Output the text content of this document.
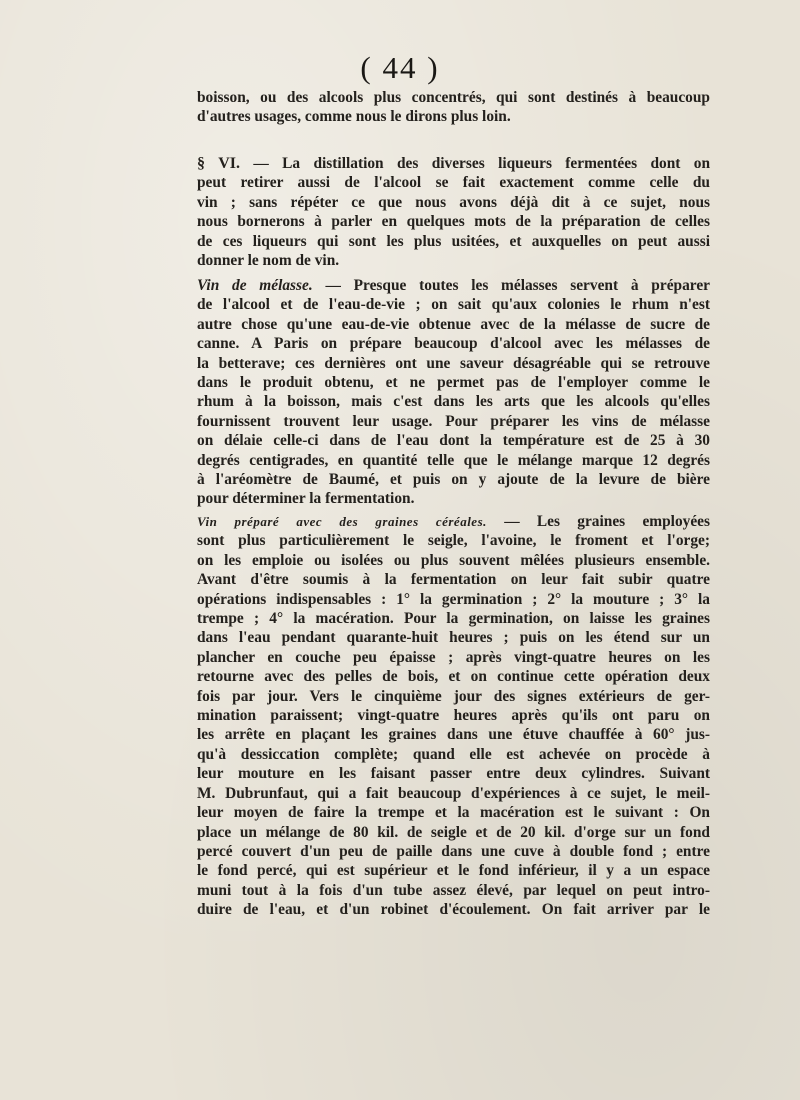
( 44 )
boisson, ou des alcools plus concentrés, qui sont destinés à beaucoup
d'autres usages, comme nous le dirons plus loin.
§ VI. — La distillation des diverses liqueurs fermentées dont on
peut retirer aussi de l'alcool se fait exactement comme celle du
vin ; sans répéter ce que nous avons déjà dit à ce sujet, nous
nous bornerons à parler en quelques mots de la préparation de celles
de ces liqueurs qui sont les plus usitées, et auxquelles on peut aussi
donner le nom de vin.
Vin de mélasse. — Presque toutes les mélasses servent à préparer
de l'alcool et de l'eau-de-vie ; on sait qu'aux colonies le rhum n'est
autre chose qu'une eau-de-vie obtenue avec de la mélasse de sucre de
canne. A Paris on prépare beaucoup d'alcool avec les mélasses de
la betterave; ces dernières ont une saveur désagréable qui se retrouve
dans le produit obtenu, et ne permet pas de l'employer comme le
rhum à la boisson, mais c'est dans les arts que les alcools qu'elles
fournissent trouvent leur usage. Pour préparer les vins de mélasse
on délaie celle-ci dans de l'eau dont la température est de 25 à 30
degrés centigrades, en quantité telle que le mélange marque 12 degrés
à l'aréomètre de Baumé, et puis on y ajoute de la levure de bière
pour déterminer la fermentation.
Vin préparé avec des graines céréales. — Les graines employées
sont plus particulièrement le seigle, l'avoine, le froment et l'orge;
on les emploie ou isolées ou plus souvent mêlées plusieurs ensemble.
Avant d'être soumis à la fermentation on leur fait subir quatre
opérations indispensables : 1° la germination ; 2° la mouture ; 3° la
trempe ; 4° la macération. Pour la germination, on laisse les graines
dans l'eau pendant quarante-huit heures ; puis on les étend sur un
plancher en couche peu épaisse ; après vingt-quatre heures on les
retourne avec des pelles de bois, et on continue cette opération deux
fois par jour. Vers le cinquième jour des signes extérieurs de ger-
mination paraissent; vingt-quatre heures après qu'ils ont paru on
les arrête en plaçant les graines dans une étuve chauffée à 60° jus-
qu'à dessiccation complète; quand elle est achevée on procède à
leur mouture en les faisant passer entre deux cylindres. Suivant
M. Dubrunfaut, qui a fait beaucoup d'expériences à ce sujet, le meil-
leur moyen de faire la trempe et la macération est le suivant : On
place un mélange de 80 kil. de seigle et de 20 kil. d'orge sur un fond
percé couvert d'un peu de paille dans une cuve à double fond ; entre
le fond percé, qui est supérieur et le fond inférieur, il y a un espace
muni tout à la fois d'un tube assez élevé, par lequel on peut intro-
duire de l'eau, et d'un robinet d'écoulement. On fait arriver par le
